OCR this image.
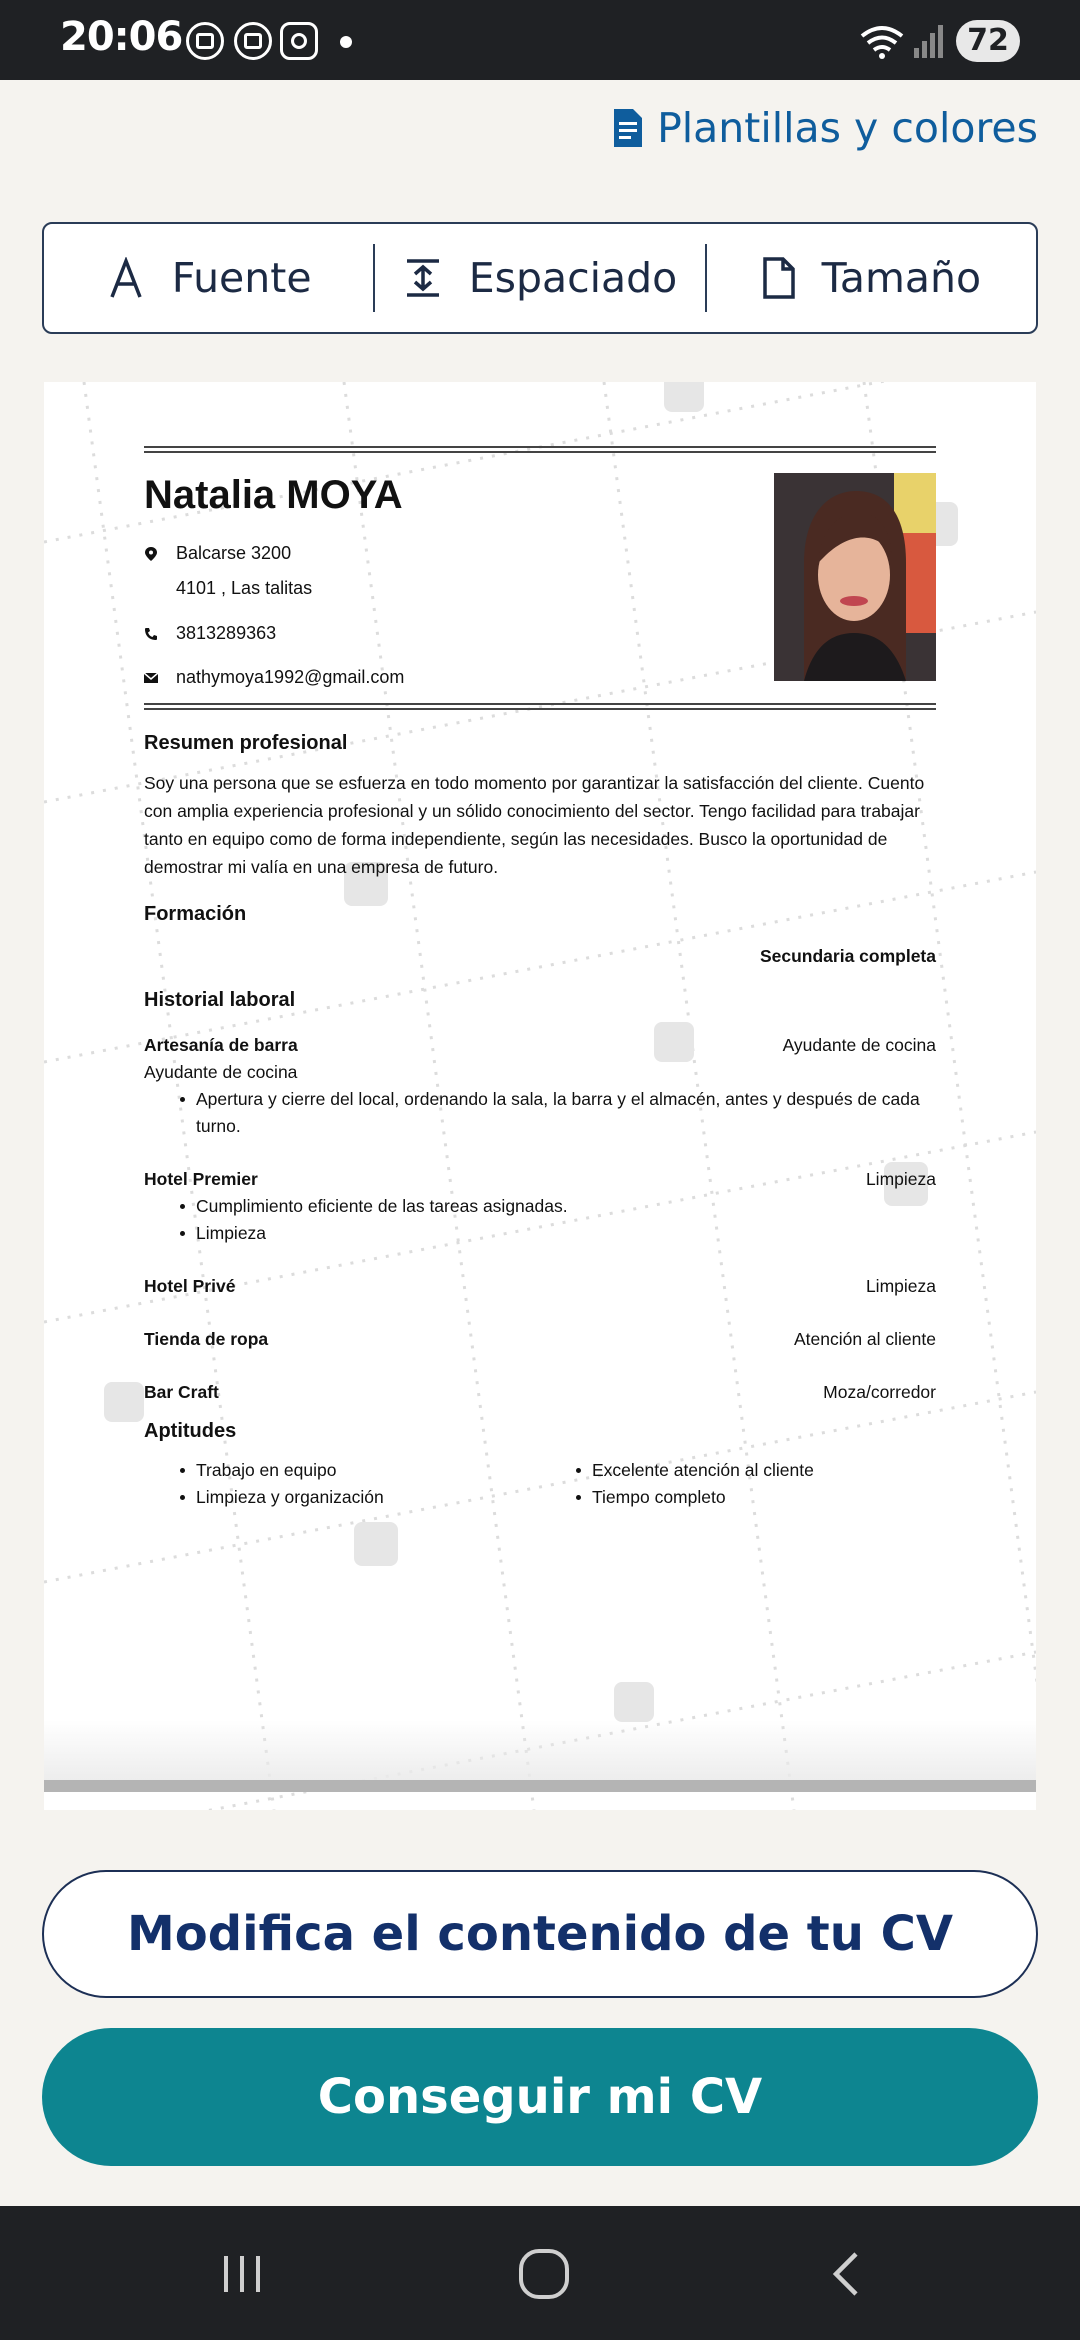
20:06	72
Plantillas y colores
Fuente	Espaciado	Tamaño
Natalia MOYA
Balcarse 3200
4101 , Las talitas
3813289363
nathymoya1992@gmail.com
Resumen profesional
Soy una persona que se esfuerza en todo momento por garantizar la satisfacción del cliente. Cuento con amplia experiencia profesional y un sólido conocimiento del sector. Tengo facilidad para trabajar tanto en equipo como de forma independiente, según las necesidades. Busco la oportunidad de demostrar mi valía en una empresa de futuro.
Formación
Secundaria completa
Historial laboral
Artesanía de barra	Ayudante de cocina
Ayudante de cocina
Apertura y cierre del local, ordenando la sala, la barra y el almacén, antes y después de cada turno.
Hotel Premier	Limpieza
Cumplimiento eficiente de las tareas asignadas.
Limpieza
Hotel Privé	Limpieza
Tienda de ropa	Atención al cliente
Bar Craft	Moza/corredor
Aptitudes
Trabajo en equipo
Limpieza y organización
Excelente atención al cliente
Tiempo completo
Modifica el contenido de tu CV
Conseguir mi CV
